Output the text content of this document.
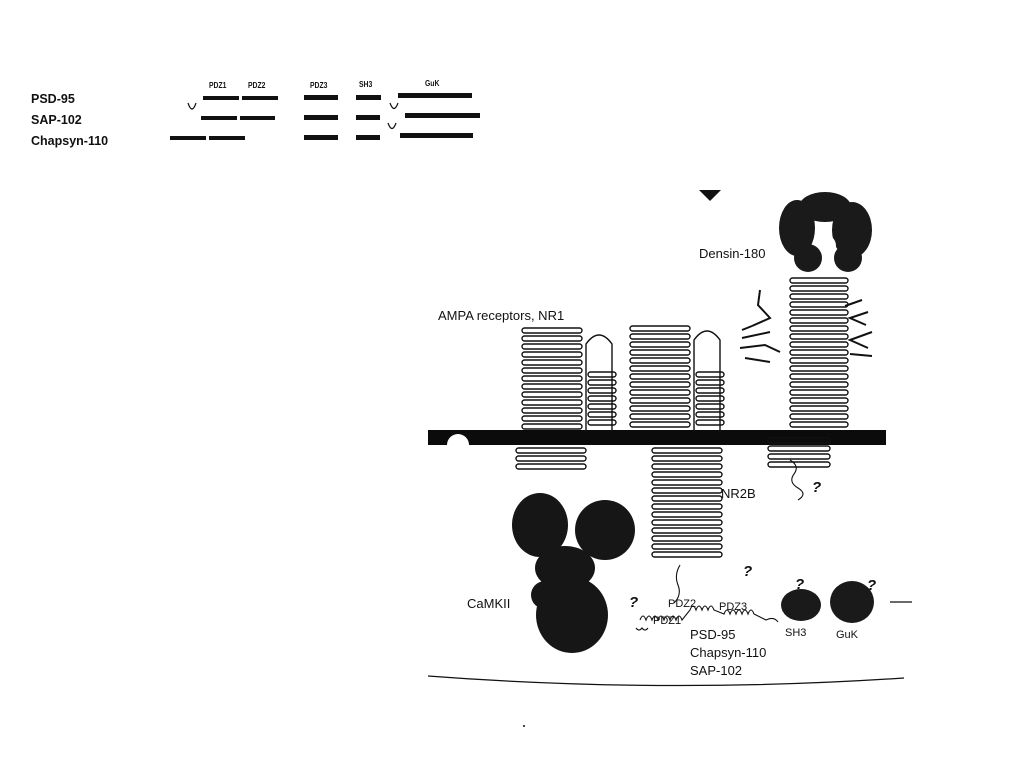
PSD-95
SAP-102
Chapsyn-110
PDZ1	PDZ2	PDZ3	SH3	GuK
Densin-180
AMPA receptors, NR1
NR2B
CaMKII
PDZ1
PDZ2 PDZ3
SH3	GuK
PSD-95
Chapsyn-110
SAP-102
?
?
?
?	?
